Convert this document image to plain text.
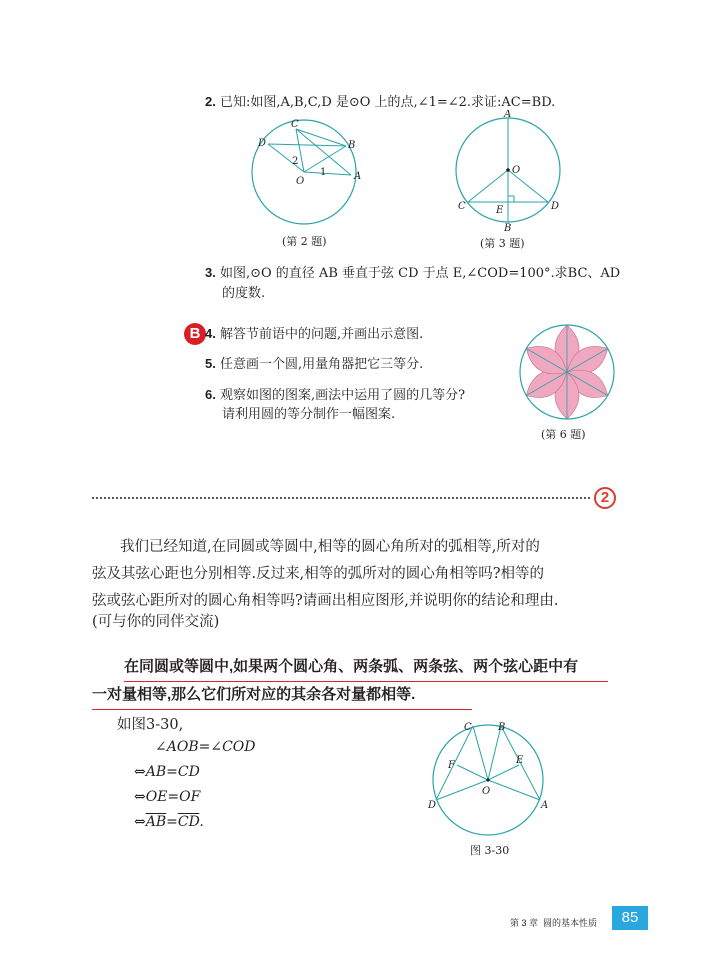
2. 已知:如图,A,B,C,D 是⊙O 上的点,∠1=∠2.求证:AC=BD.
C
D	B
O	A
1
2
(第 2 题)
A
O
C	E	D
B
(第 3 题)
3. 如图,⊙O 的直径 AB 垂直于弦 CD 于点 E,∠COD=100°.求BC、AD
的度数.
B 4. 解答节前语中的问题,并画出示意图.
5. 任意画一个圆,用量角器把它三等分.
6. 观察如图的图案,画法中运用了圆的几等分?
请利用圆的等分制作一幅图案.
(第 6 题)
2
我们已经知道,在同圆或等圆中,相等的圆心角所对的弧相等,所对的
弦及其弦心距也分别相等.反过来,相等的弧所对的圆心角相等吗?相等的
弦或弦心距所对的圆心角相等吗?请画出相应图形,并说明你的结论和理由.
(可与你的同伴交流)
在同圆或等圆中,如果两个圆心角、两条弧、两条弦、两个弦心距中有
一对量相等,那么它们所对应的其余各对量都相等.
如图3-30,
∠AOB=∠COD
⇔AB=CD
⇔OE=OF
$\Leftrightarrow\overline{AB}=\overline{CD}$.
C	B
F	E
O
D	A
图 3-30
第 3 章 圆的基本性质	85
